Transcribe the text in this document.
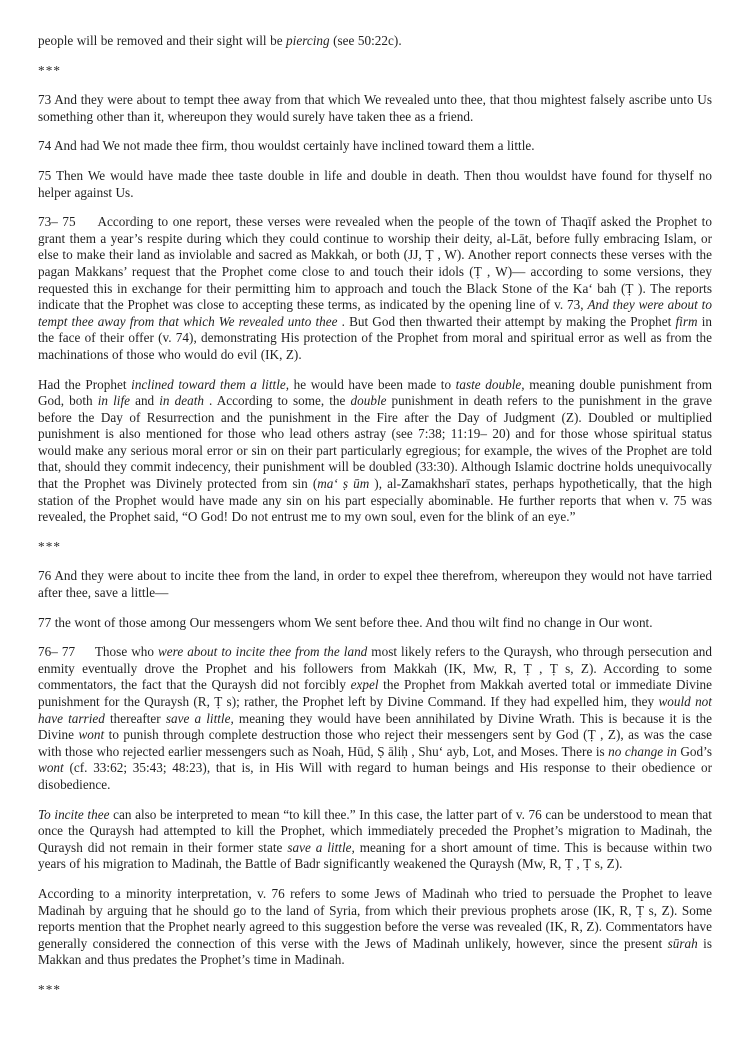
people will be removed and their sight will be piercing (see 50:22c).

***

73 And they were about to tempt thee away from that which We revealed unto thee, that thou mightest falsely ascribe unto Us something other than it, whereupon they would surely have taken thee as a friend.

74 And had We not made thee firm, thou wouldst certainly have inclined toward them a little.

75 Then We would have made thee taste double in life and double in death. Then thou wouldst have found for thyself no helper against Us.

73– 75 According to one report, these verses were revealed when the people of the town of Thaqīf asked the Prophet to grant them a year’s respite during which they could continue to worship their deity, al-Lāt, before fully embracing Islam, or else to make their land as inviolable and sacred as Makkah, or both (JJ, Ṭ , W). Another report connects these verses with the pagan Makkans’ request that the Prophet come close to and touch their idols (Ṭ , W)— according to some versions, they requested this in exchange for their permitting him to approach and touch the Black Stone of the Ka‘ bah (Ṭ ). The reports indicate that the Prophet was close to accepting these terms, as indicated by the opening line of v. 73, And they were about to tempt thee away from that which We revealed unto thee . But God then thwarted their attempt by making the Prophet firm in the face of their offer (v. 74), demonstrating His protection of the Prophet from moral and spiritual error as well as from the machinations of those who would do evil (IK, Z).

Had the Prophet inclined toward them a little, he would have been made to taste double, meaning double punishment from God, both in life and in death . According to some, the double punishment in death refers to the punishment in the grave before the Day of Resurrection and the punishment in the Fire after the Day of Judgment (Z). Doubled or multiplied punishment is also mentioned for those who lead others astray (see 7:38; 11:19– 20) and for those whose spiritual status would make any serious moral error or sin on their part particularly egregious; for example, the wives of the Prophet are told that, should they commit indecency, their punishment will be doubled (33:30). Although Islamic doctrine holds unequivocally that the Prophet was Divinely protected from sin (ma‘ ṣ ūm ), al-Zamakhsharī states, perhaps hypothetically, that the high station of the Prophet would have made any sin on his part especially abominable. He further reports that when v. 75 was revealed, the Prophet said, “O God! Do not entrust me to my own soul, even for the blink of an eye.”

***

76 And they were about to incite thee from the land, in order to expel thee therefrom, whereupon they would not have tarried after thee, save a little—

77 the wont of those among Our messengers whom We sent before thee. And thou wilt find no change in Our wont.

76– 77 Those who were about to incite thee from the land most likely refers to the Quraysh, who through persecution and enmity eventually drove the Prophet and his followers from Makkah (IK, Mw, R, Ṭ , Ṭ s, Z). According to some commentators, the fact that the Quraysh did not forcibly expel the Prophet from Makkah averted total or immediate Divine punishment for the Quraysh (R, Ṭ s); rather, the Prophet left by Divine Command. If they had expelled him, they would not have tarried thereafter save a little, meaning they would have been annihilated by Divine Wrath. This is because it is the Divine wont to punish through complete destruction those who reject their messengers sent by God (Ṭ , Z), as was the case with those who rejected earlier messengers such as Noah, Hūd, Ṣ āliḥ , Shu‘ ayb, Lot, and Moses. There is no change in God’s wont (cf. 33:62; 35:43; 48:23), that is, in His Will with regard to human beings and His response to their obedience or disobedience.

To incite thee can also be interpreted to mean “to kill thee.” In this case, the latter part of v. 76 can be understood to mean that once the Quraysh had attempted to kill the Prophet, which immediately preceded the Prophet’s migration to Madinah, the Quraysh did not remain in their former state save a little, meaning for a short amount of time. This is because within two years of his migration to Madinah, the Battle of Badr significantly weakened the Quraysh (Mw, R, Ṭ , Ṭ s, Z).

According to a minority interpretation, v. 76 refers to some Jews of Madinah who tried to persuade the Prophet to leave Madinah by arguing that he should go to the land of Syria, from which their previous prophets arose (IK, R, Ṭ s, Z). Some reports mention that the Prophet nearly agreed to this suggestion before the verse was revealed (IK, R, Z). Commentators have generally considered the connection of this verse with the Jews of Madinah unlikely, however, since the present sūrah is Makkan and thus predates the Prophet’s time in Madinah.

***
